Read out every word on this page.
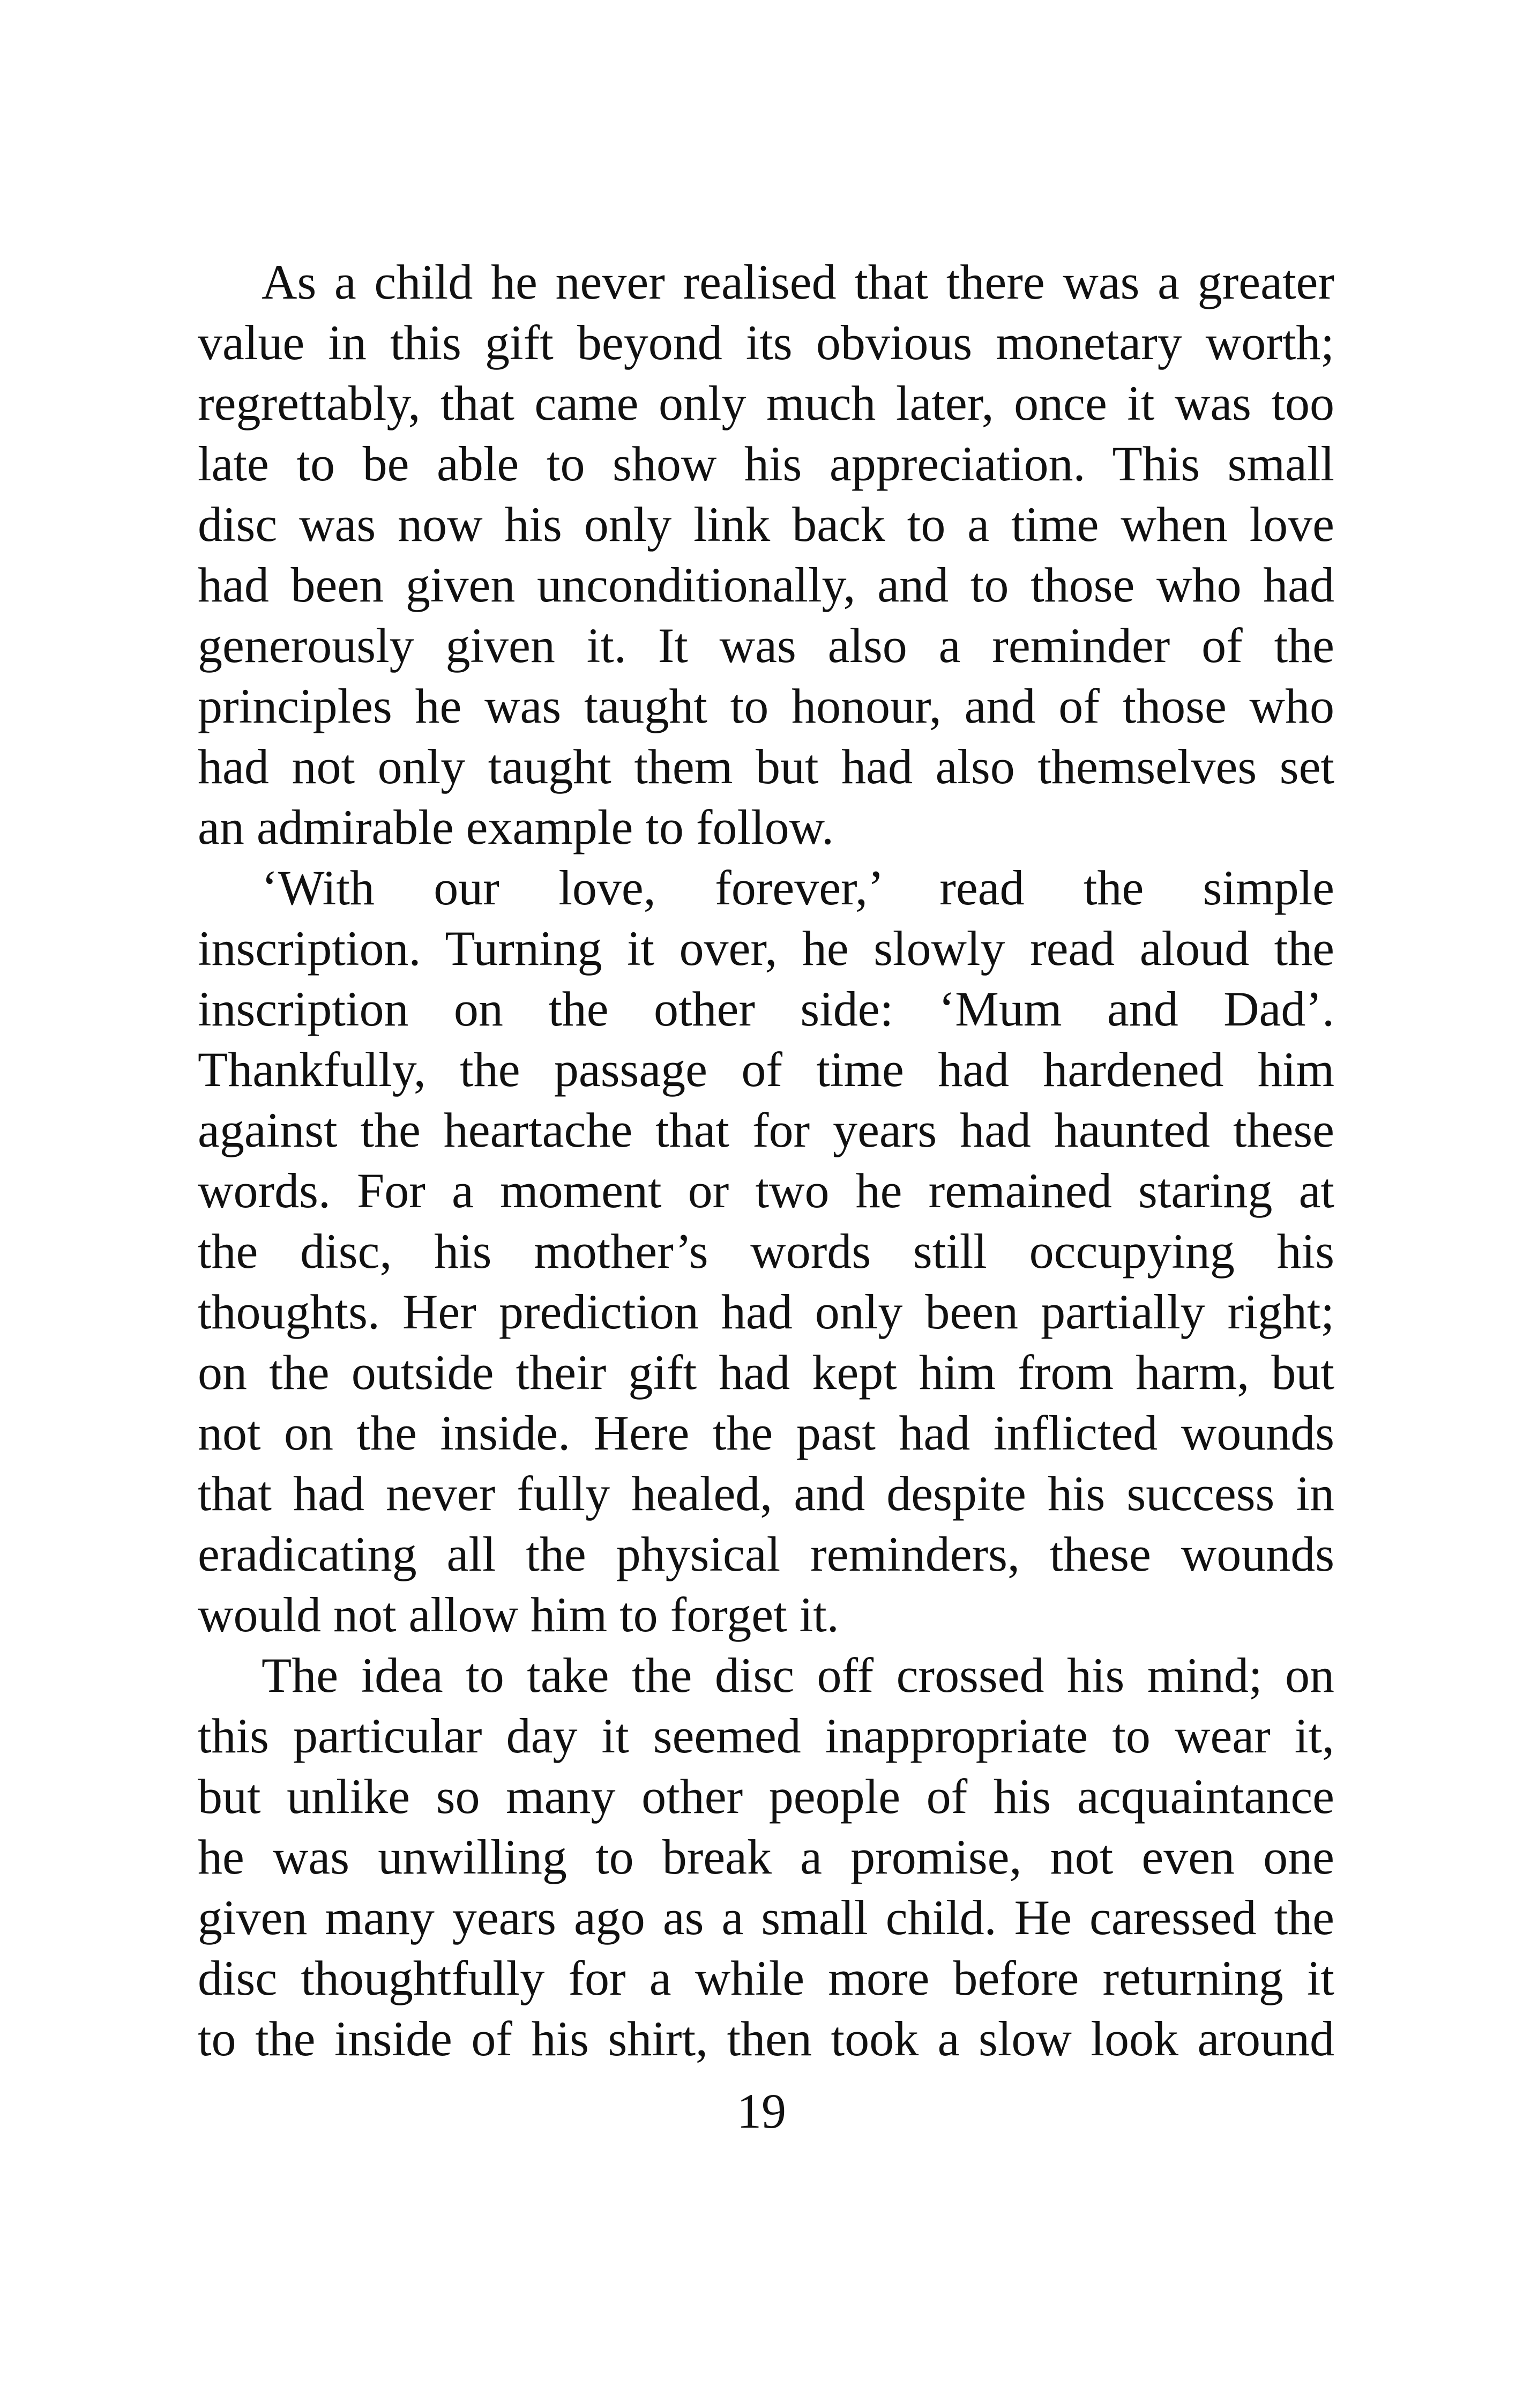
As a child he never realised that there was a greater
value in this gift beyond its obvious monetary worth;
regrettably, that came only much later, once it was too
late to be able to show his appreciation. This small
disc was now his only link back to a time when love
had been given unconditionally, and to those who had
generously given it. It was also a reminder of the
principles he was taught to honour, and of those who
had not only taught them but had also themselves set
an admirable example to follow.
‘With our love, forever,’ read the simple
inscription. Turning it over, he slowly read aloud the
inscription on the other side: ‘Mum and Dad’.
Thankfully, the passage of time had hardened him
against the heartache that for years had haunted these
words. For a moment or two he remained staring at
the disc, his mother’s words still occupying his
thoughts. Her prediction had only been partially right;
on the outside their gift had kept him from harm, but
not on the inside. Here the past had inflicted wounds
that had never fully healed, and despite his success in
eradicating all the physical reminders, these wounds
would not allow him to forget it.
The idea to take the disc off crossed his mind; on
this particular day it seemed inappropriate to wear it,
but unlike so many other people of his acquaintance
he was unwilling to break a promise, not even one
given many years ago as a small child. He caressed the
disc thoughtfully for a while more before returning it
to the inside of his shirt, then took a slow look around
19
